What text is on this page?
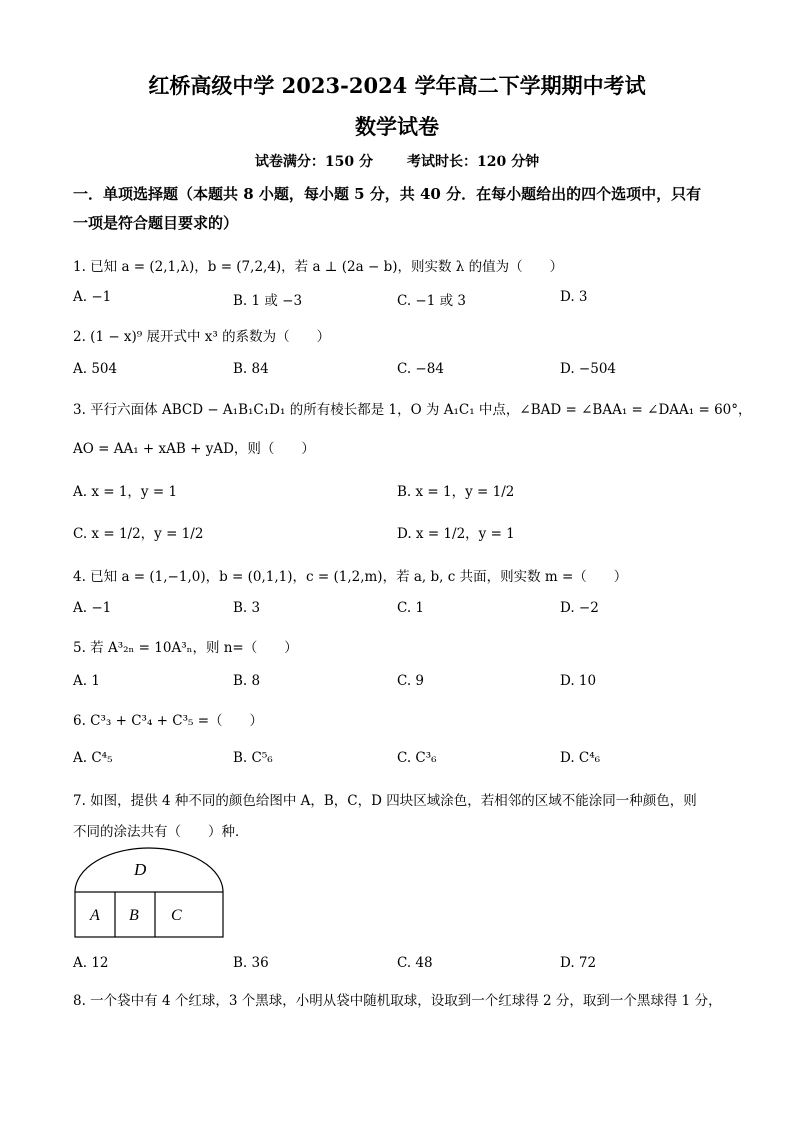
红桥高级中学 2023-2024 学年高二下学期期中考试
数学试卷
试卷满分：150 分 考试时长：120 分钟
一．单项选择题（本题共 8 小题，每小题 5 分，共 40 分．在每小题给出的四个选项中，只有
一项是符合题目要求的）
1. 已知 a = (2,1,λ)，b = (7,2,4)，若 a ⊥ (2a − b)，则实数 λ 的值为（　　）
A. −1	B. 1 或 −3	C. −1 或 3	D. 3
2. (1 − x)⁹ 展开式中 x³ 的系数为（　　）
A. 504	B. 84	C. −84	D. −504
3. 平行六面体 ABCD − A₁B₁C₁D₁ 的所有棱长都是 1，O 为 A₁C₁ 中点，∠BAD = ∠BAA₁ = ∠DAA₁ = 60°，
AO = AA₁ + xAB + yAD，则（　　）
A. x = 1，y = 1	B. x = 1，y = 1/2
C. x = 1/2，y = 1/2	D. x = 1/2，y = 1
4. 已知 a = (1,−1,0)，b = (0,1,1)，c = (1,2,m)，若 a, b, c 共面，则实数 m =（　　）
A. −1	B. 3	C. 1	D. −2
5. 若 A³₂ₙ = 10A³ₙ，则 n=（　　）
A. 1	B. 8	C. 9	D. 10
6. C³₃ + C³₄ + C³₅ =（　　）
A. C⁴₅	B. C⁵₆	C. C³₆	D. C⁴₆
7. 如图，提供 4 种不同的颜色给图中 A，B，C，D 四块区域涂色，若相邻的区域不能涂同一种颜色，则
不同的涂法共有（　　）种．
D
A B C
A. 12	B. 36	C. 48	D. 72
8. 一个袋中有 4 个红球，3 个黑球，小明从袋中随机取球，设取到一个红球得 2 分，取到一个黑球得 1 分，
